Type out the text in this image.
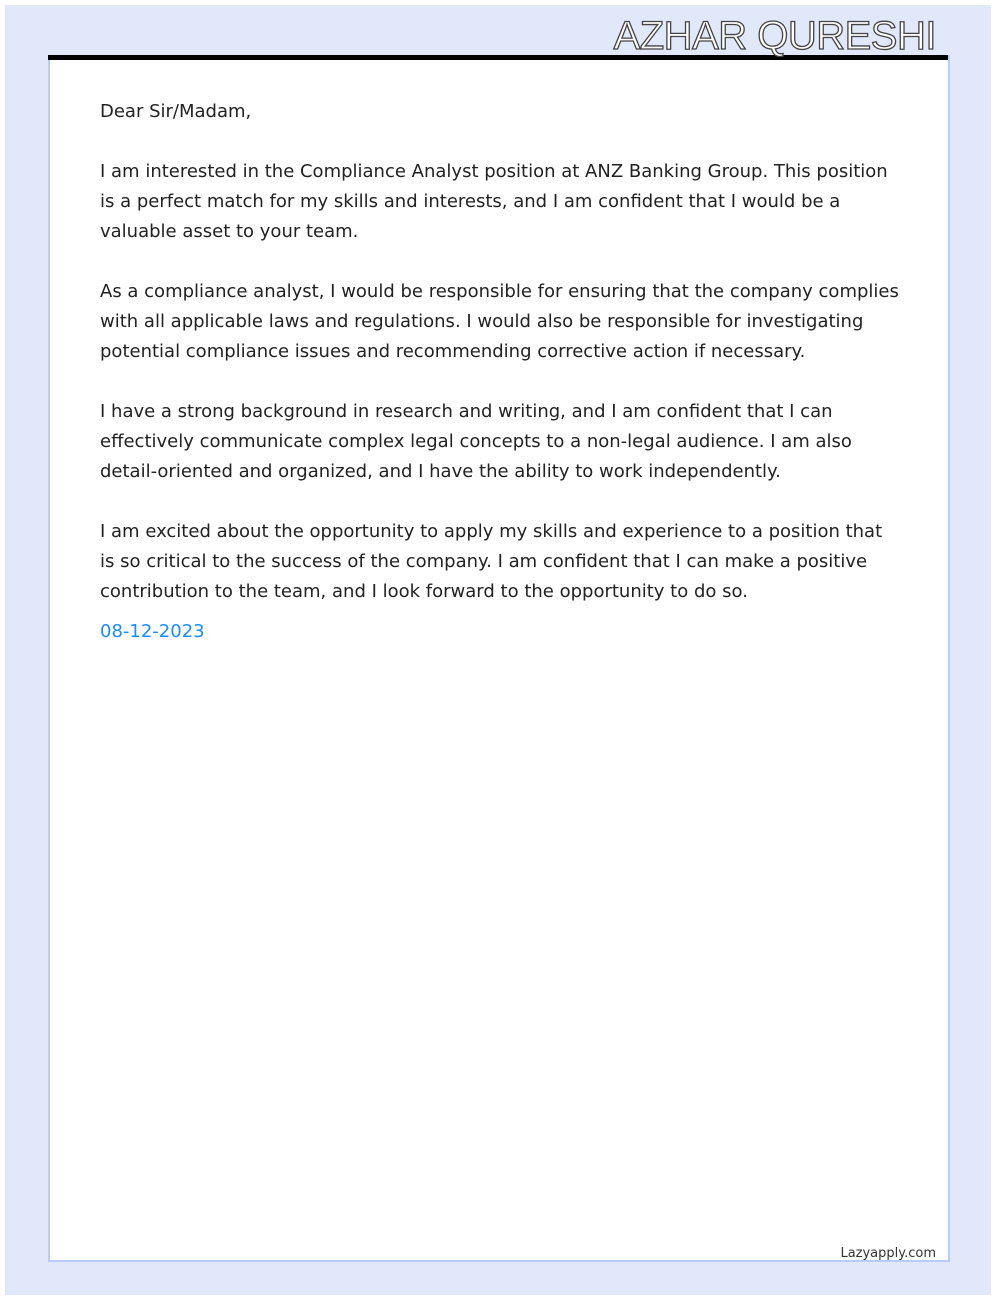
AZHAR QURESHI

Dear Sir/Madam,

I am interested in the Compliance Analyst position at ANZ Banking Group. This position is a perfect match for my skills and interests, and I am confident that I would be a valuable asset to your team.

As a compliance analyst, I would be responsible for ensuring that the company complies with all applicable laws and regulations. I would also be responsible for investigating potential compliance issues and recommending corrective action if necessary.

I have a strong background in research and writing, and I am confident that I can effectively communicate complex legal concepts to a non-legal audience. I am also detail-oriented and organized, and I have the ability to work independently.

I am excited about the opportunity to apply my skills and experience to a position that is so critical to the success of the company. I am confident that I can make a positive contribution to the team, and I look forward to the opportunity to do so.

08-12-2023
Lazyapply.com
